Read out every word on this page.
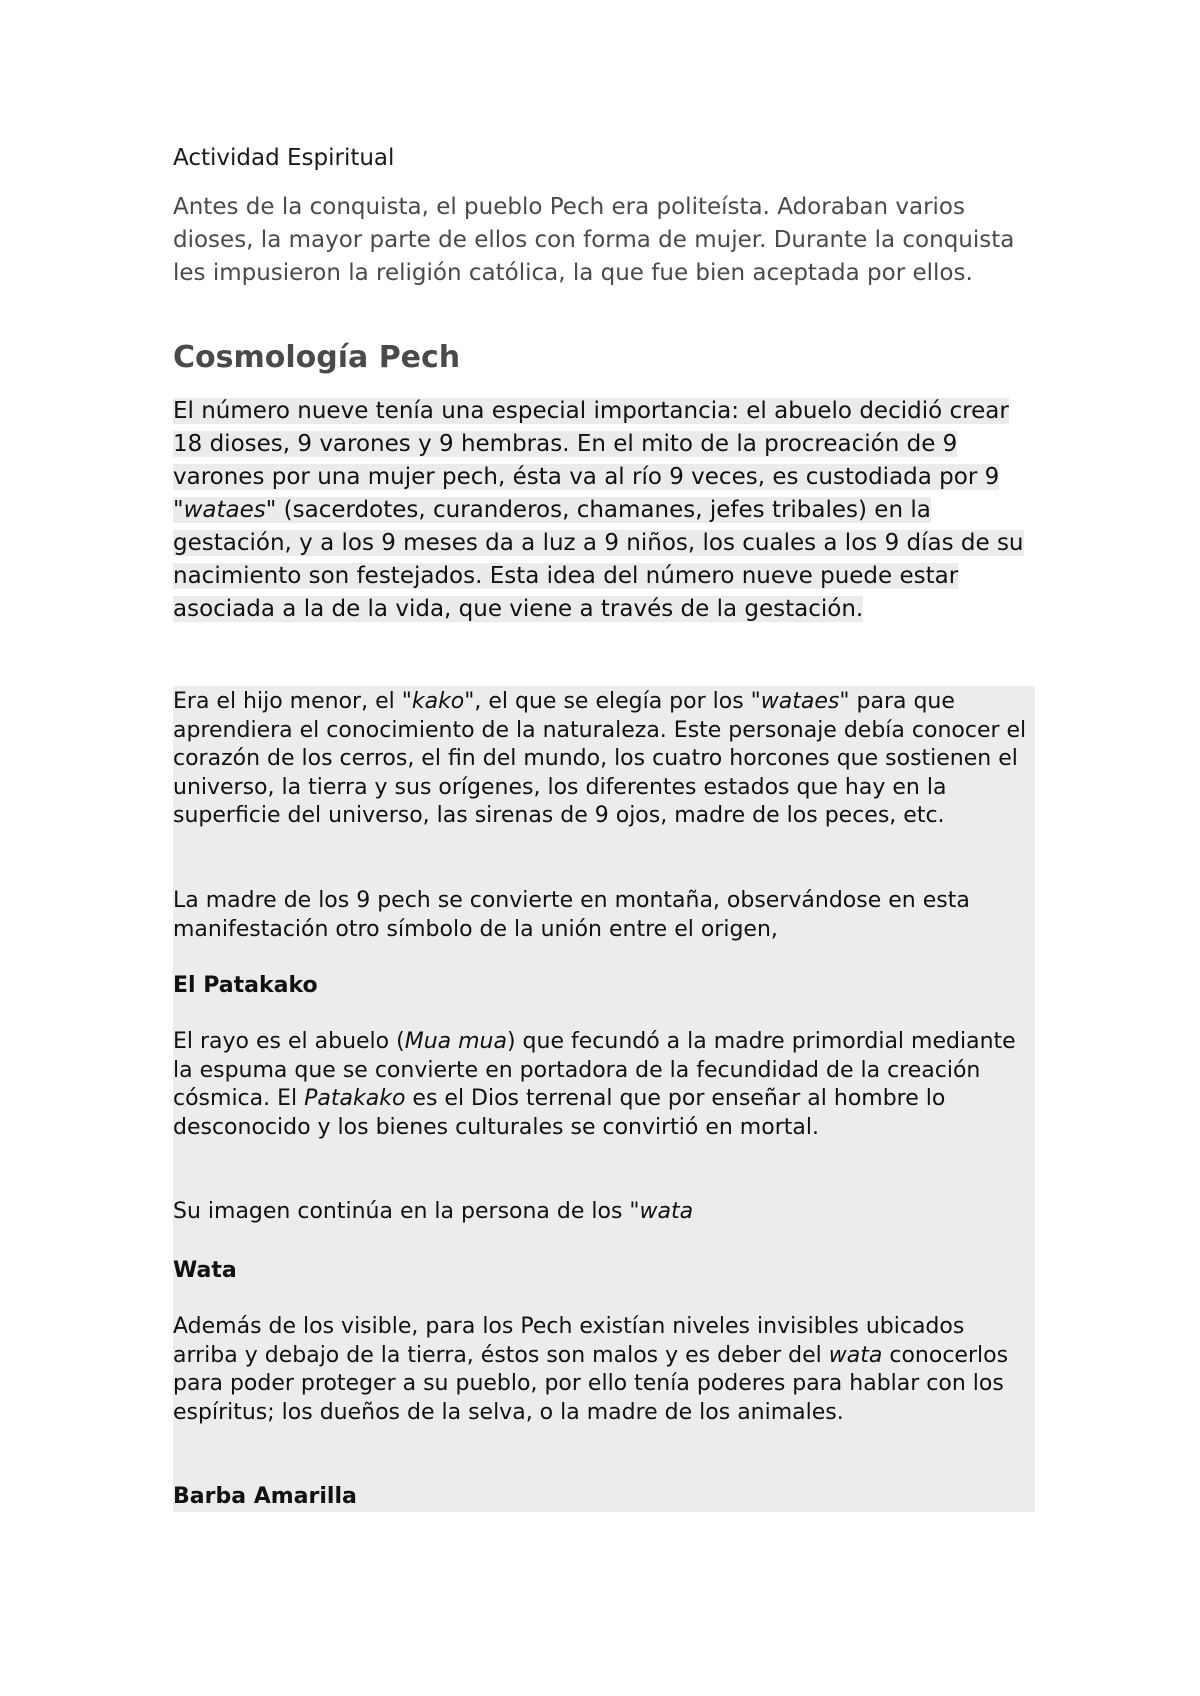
Actividad Espiritual

Antes de la conquista, el pueblo Pech era politeísta. Adoraban varios dioses, la mayor parte de ellos con forma de mujer. Durante la conquista les impusieron la religión católica, la que fue bien aceptada por ellos.

Cosmología Pech

El número nueve tenía una especial importancia: el abuelo decidió crear 18 dioses, 9 varones y 9 hembras. En el mito de la procreación de 9 varones por una mujer pech, ésta va al río 9 veces, es custodiada por 9 "wataes" (sacerdotes, curanderos, chamanes, jefes tribales) en la gestación, y a los 9 meses da a luz a 9 niños, los cuales a los 9 días de su nacimiento son festejados. Esta idea del número nueve puede estar asociada a la de la vida, que viene a través de la gestación.

Era el hijo menor, el "kako", el que se elegía por los "wataes" para que aprendiera el conocimiento de la naturaleza. Este personaje debía conocer el corazón de los cerros, el fin del mundo, los cuatro horcones que sostienen el universo, la tierra y sus orígenes, los diferentes estados que hay en la superficie del universo, las sirenas de 9 ojos, madre de los peces, etc.

La madre de los 9 pech se convierte en montaña, observándose en esta manifestación otro símbolo de la unión entre el origen,

El Patakako

El rayo es el abuelo (Mua mua) que fecundó a la madre primordial mediante la espuma que se convierte en portadora de la fecundidad de la creación cósmica. El Patakako es el Dios terrenal que por enseñar al hombre lo desconocido y los bienes culturales se convirtió en mortal.

Su imagen continúa en la persona de los "wata

Wata

Además de los visible, para los Pech existían niveles invisibles ubicados arriba y debajo de la tierra, éstos son malos y es deber del wata conocerlos para poder proteger a su pueblo, por ello tenía poderes para hablar con los espíritus; los dueños de la selva, o la madre de los animales.

Barba Amarilla
